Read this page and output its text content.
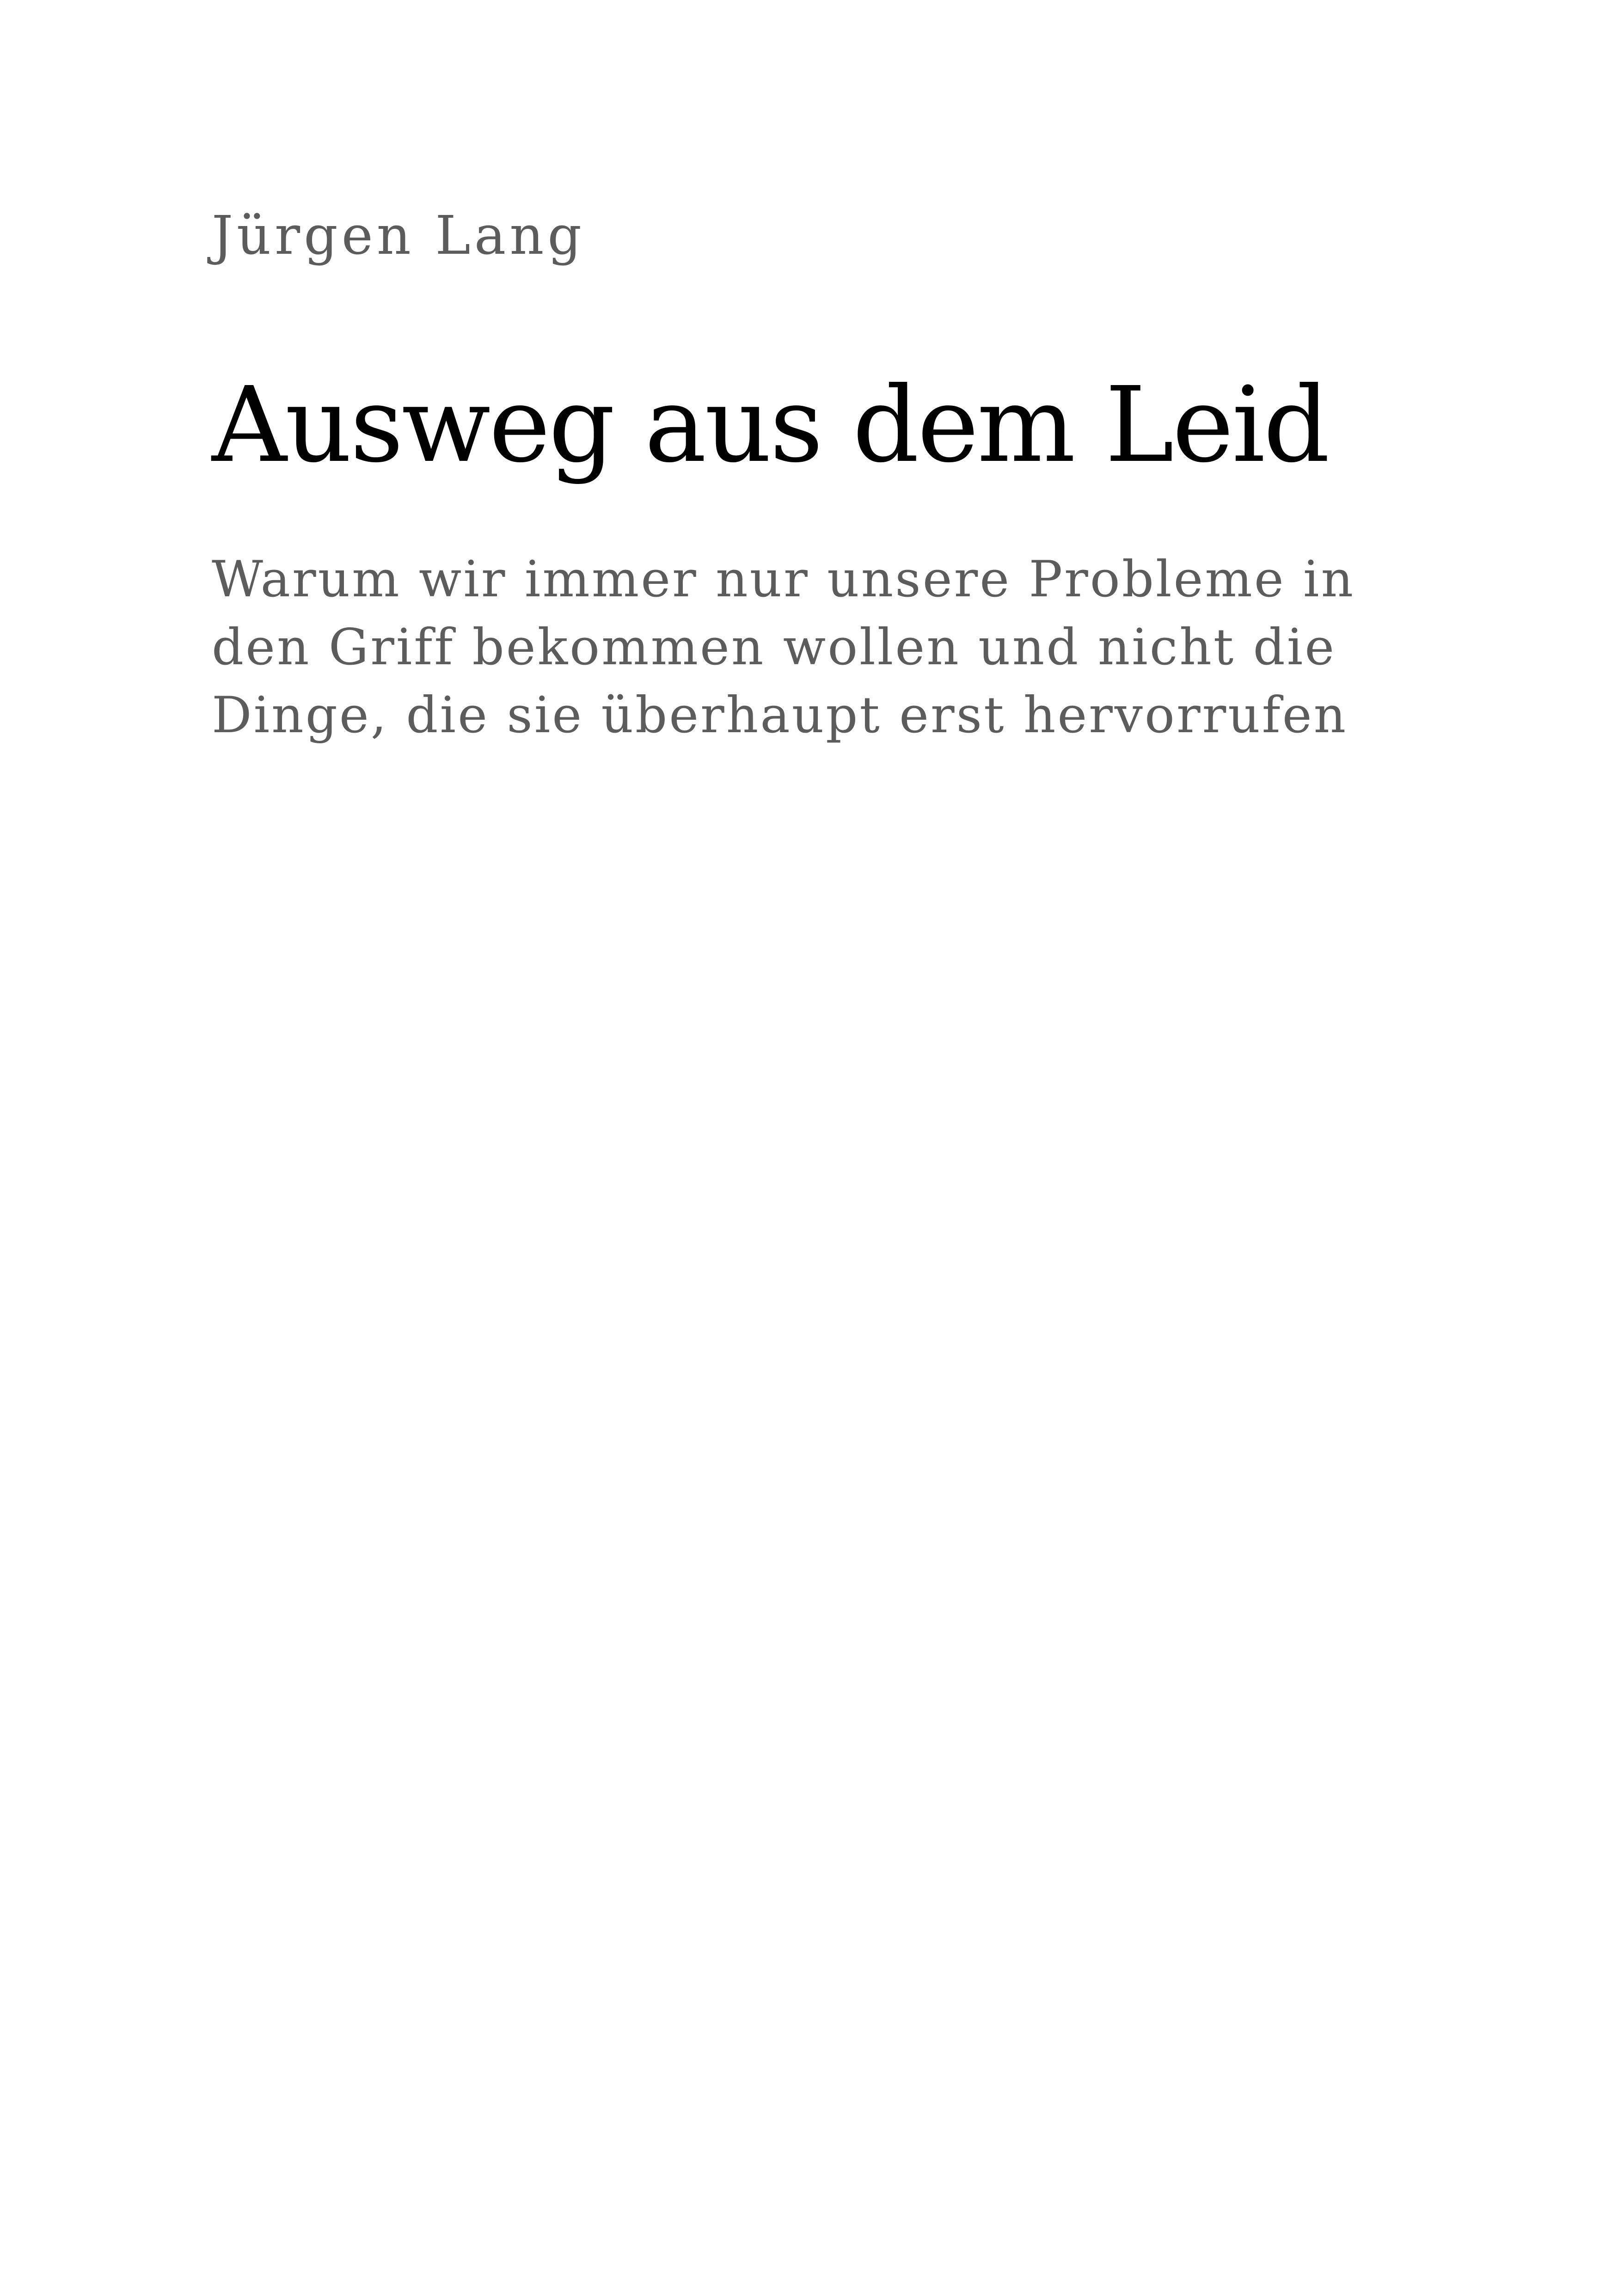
Jürgen Lang

Ausweg aus dem Leid

Warum wir immer nur unsere Probleme in
den Griff bekommen wollen und nicht die
Dinge, die sie überhaupt erst hervorrufen
